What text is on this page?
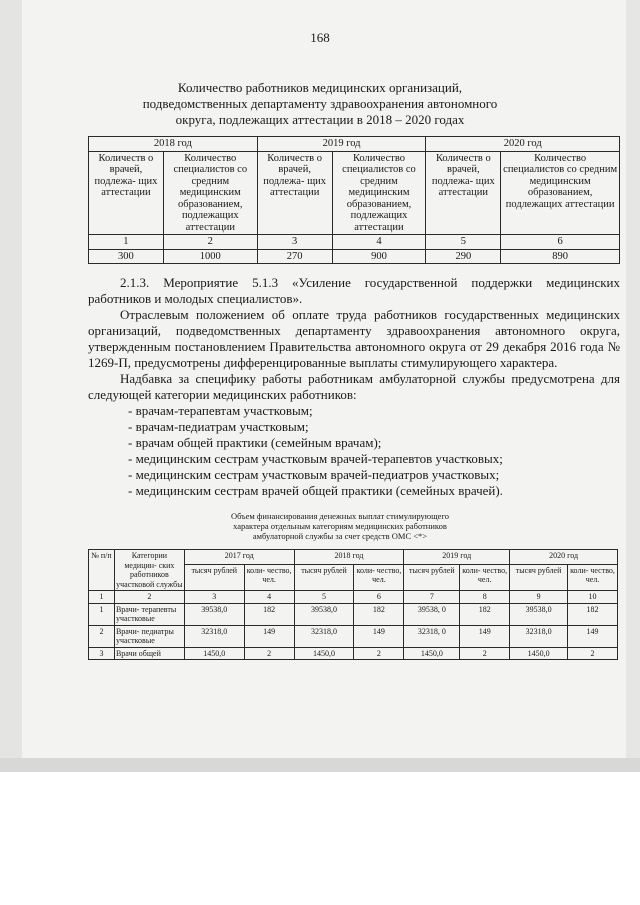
168
Количество работников медицинских организаций,
подведомственных департаменту здравоохранения автономного
округа, подлежащих аттестации в 2018 – 2020 годах
2018 год		2019 год		2020 год	
Количеств о врачей, подлежа- щих аттестации	Количество специалистов со средним медицинским образованием, подлежащих аттестации	Количеств о врачей, подлежа- щих аттестации	Количество специалистов со средним медицинским образованием, подлежащих аттестации	Количеств о врачей, подлежа- щих аттестации	Количество специалистов со средним медицинским образованием, подлежащих аттестации
1	2	3	4	5	6
300	1000	270	900	290	890

2.1.3. Мероприятие 5.1.3 «Усиление государственной поддержки медицинских работников и молодых специалистов».

Отраслевым положением об оплате труда работников государственных медицинских организаций, подведомственных департаменту здравоохранения автономного округа, утвержденным постановлением Правительства автономного округа от 29 декабря 2016 года № 1269-П, предусмотрены дифференцированные выплаты стимулирующего характера.

Надбавка за специфику работы работникам амбулаторной службы предусмотрена для следующей категории медицинских работников:

- врачам-терапевтам участковым;

- врачам-педиатрам участковым;

- врачам общей практики (семейным врачам);

- медицинским сестрам участковым врачей-терапевтов участковых;

- медицинским сестрам участковым врачей-педиатров участковых;

- медицинским сестрам врачей общей практики (семейных врачей).

Объем финансирования денежных выплат стимулирующего
характера отдельным категориям медицинских работников
амбулаторной службы за счет средств ОМС <*>
№ п/п	Категории медицин- ских работников участковой службы	2017 год		2018 год		2019 год		2020 год	
		тысяч рублей	коли- чество, чел.	тысяч рублей	коли- чество, чел.	тысяч рублей	коли- чество, чел.	тысяч рублей	коли- чество, чел.
1	2	3	4	5	6	7	8	9	10
1	Врачи- терапевты участковые	39538,0	182	39538,0	182	39538, 0	182	39538,0	182
2	Врачи- педиатры участковые	32318,0	149	32318,0	149	32318, 0	149	32318,0	149
3	Врачи общей	1450,0	2	1450,0	2	1450,0	2	1450,0	2
